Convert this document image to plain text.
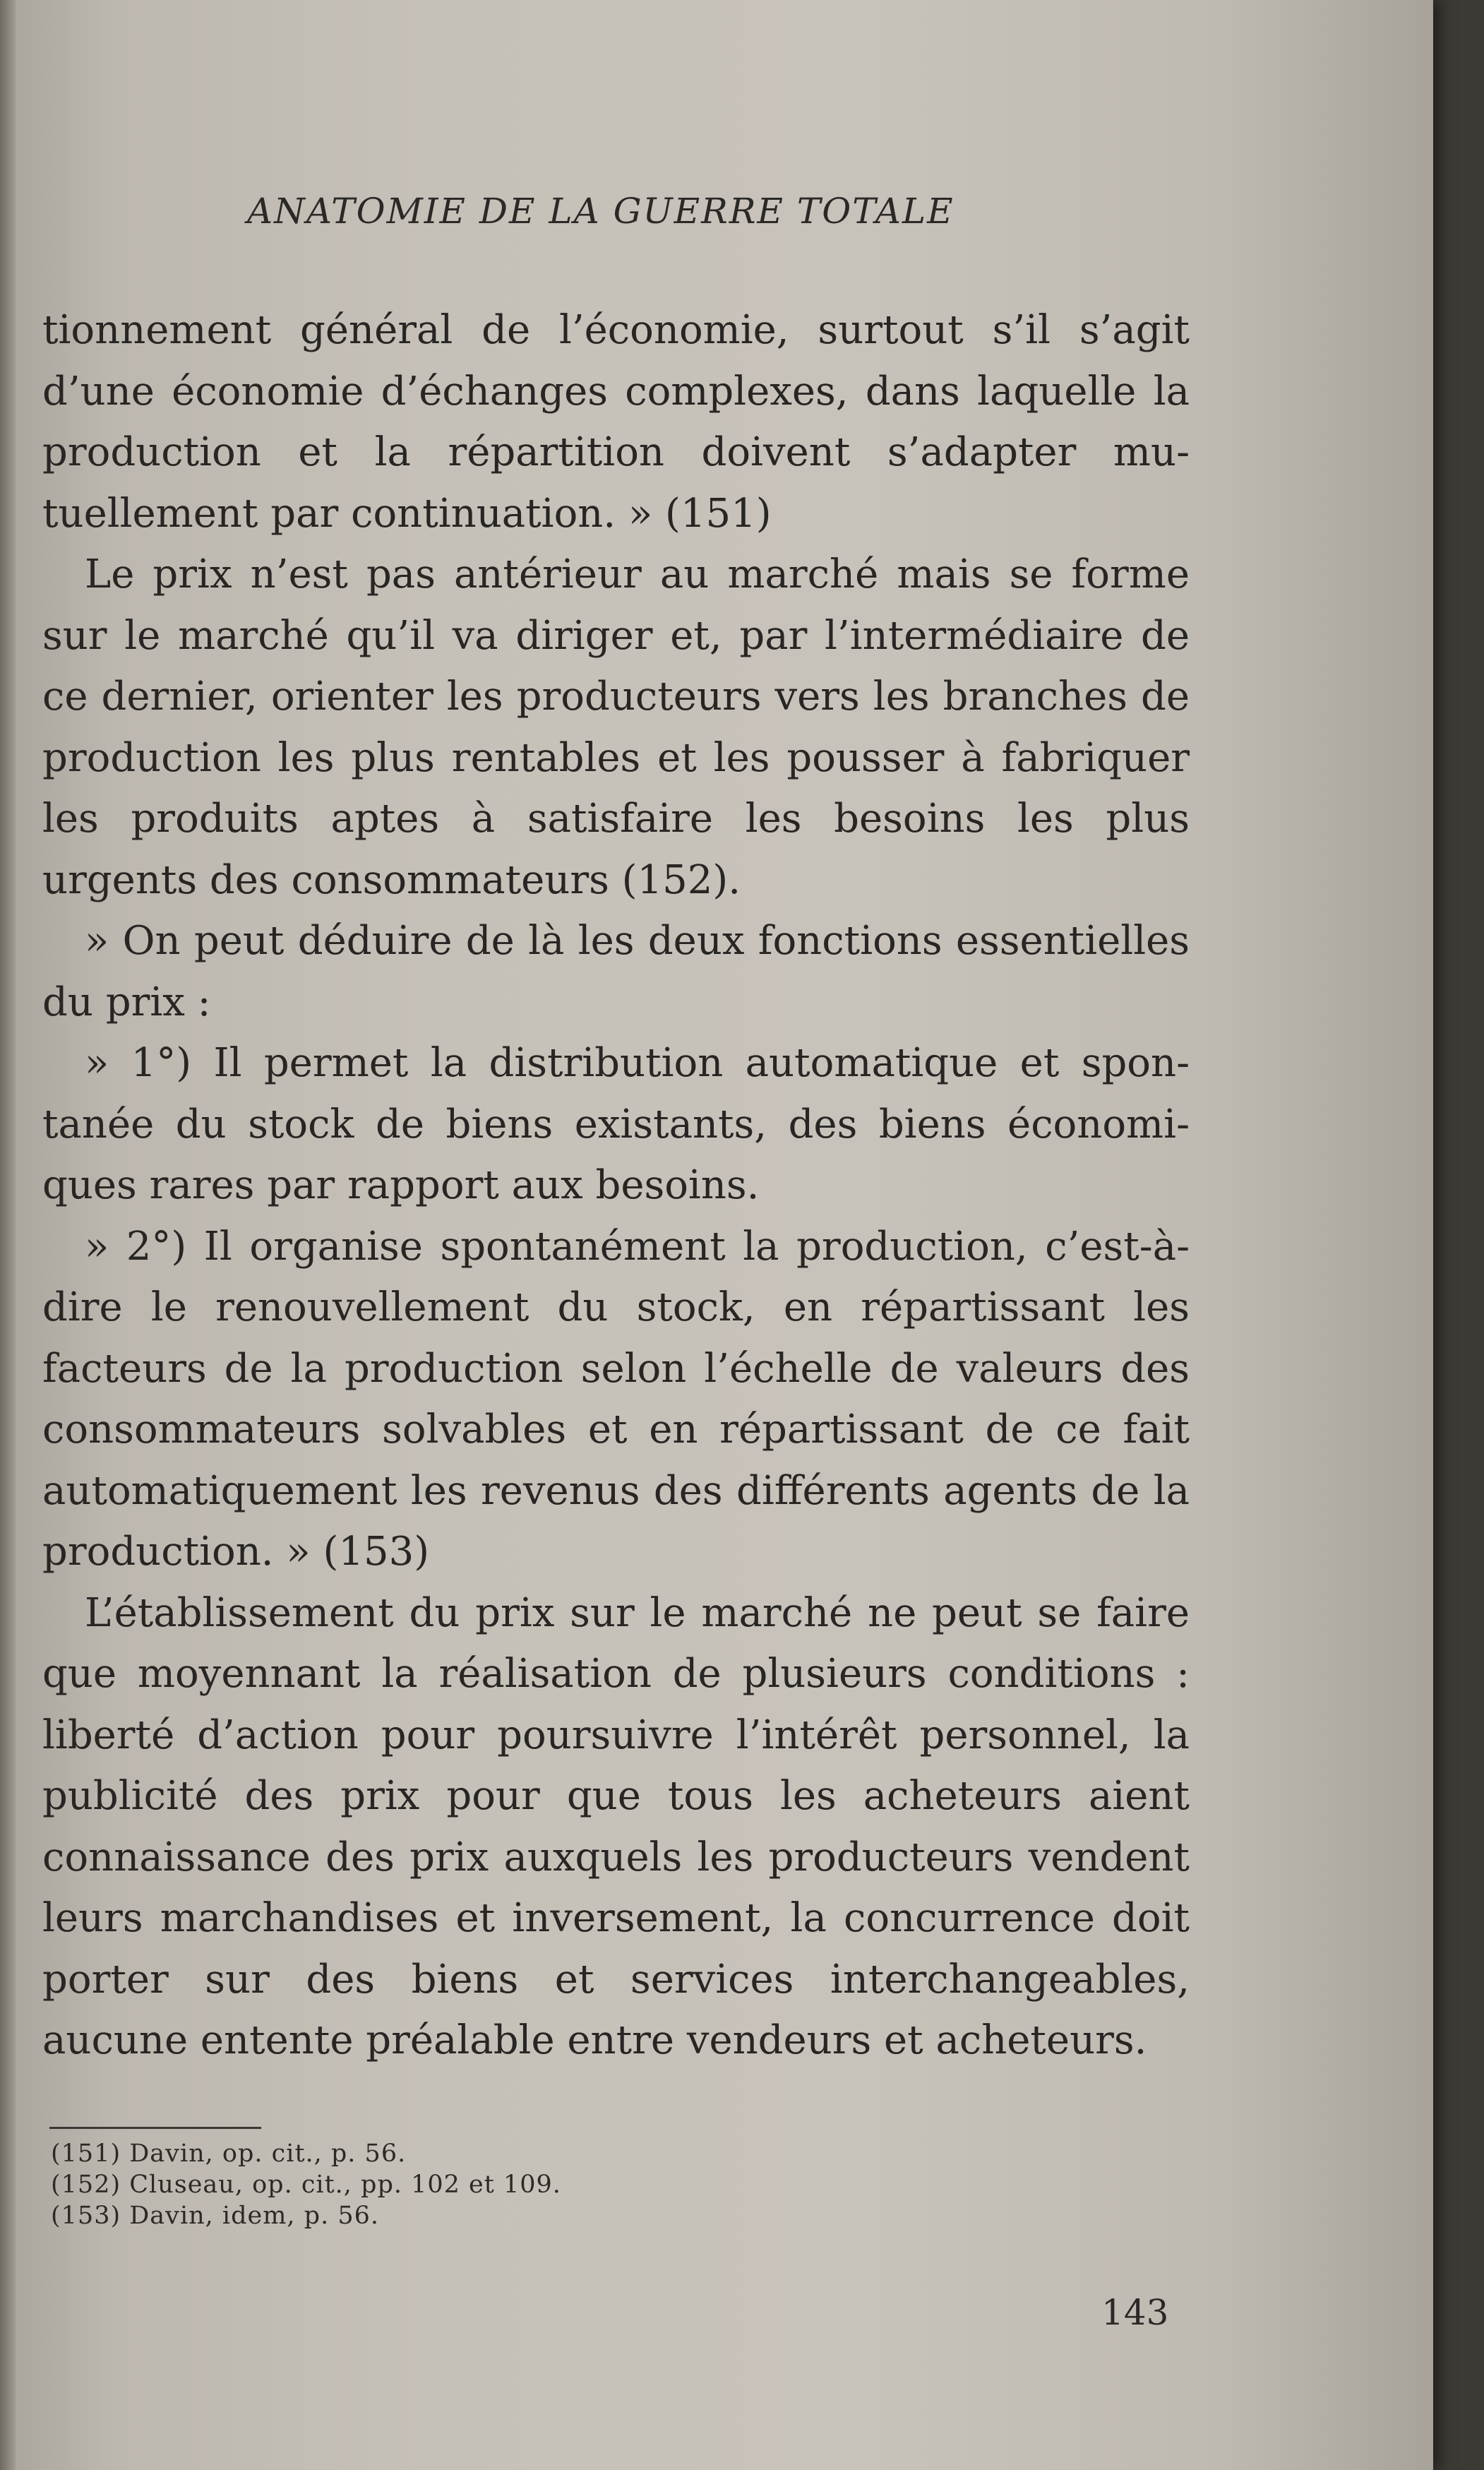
ANATOMIE DE LA GUERRE TOTALE

tionnement général de l’économie, surtout s’il s’agit d’une économie d’échanges complexes, dans laquelle la production et la répartition doivent s’adapter mutuellement par continuation. » (151)

Le prix n’est pas antérieur au marché mais se forme sur le marché qu’il va diriger et, par l’intermédiaire de ce dernier, orienter les producteurs vers les branches de production les plus rentables et les pousser à fabriquer les produits aptes à satisfaire les besoins les plus urgents des consommateurs (152).

» On peut déduire de là les deux fonctions essentielles du prix :

» 1°) Il permet la distribution automatique et spontanée du stock de biens existants, des biens économiques rares par rapport aux besoins.

» 2°) Il organise spontanément la production, c’est-à-dire le renouvellement du stock, en répartissant les facteurs de la production selon l’échelle de valeurs des consommateurs solvables et en répartissant de ce fait automatiquement les revenus des différents agents de la production. » (153)

L’établissement du prix sur le marché ne peut se faire que moyennant la réalisation de plusieurs conditions : liberté d’action pour poursuivre l’intérêt personnel, la publicité des prix pour que tous les acheteurs aient connaissance des prix auxquels les producteurs vendent leurs marchandises et inversement, la concurrence doit porter sur des biens et services interchangeables, aucune entente préalable entre vendeurs et acheteurs.

(151) Davin, op. cit., p. 56.
(152) Cluseau, op. cit., pp. 102 et 109.
(153) Davin, idem, p. 56.
143
